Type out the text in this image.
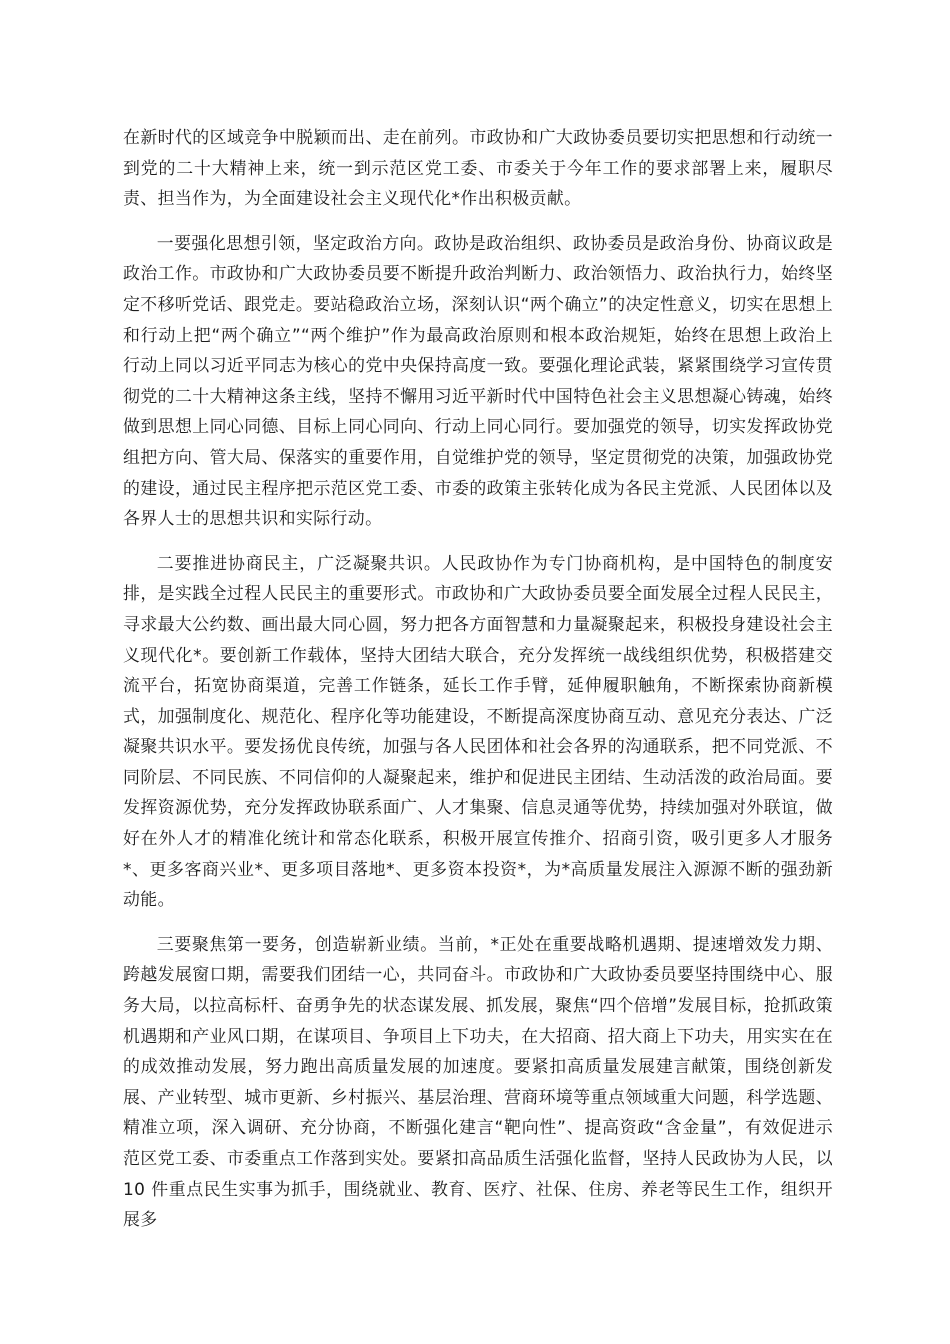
在新时代的区域竞争中脱颖而出、走在前列。市政协和广大政协委员要切实把思想和行动统一到党的二十大精神上来，统一到示范区党工委、市委关于今年工作的要求部署上来，履职尽责、担当作为，为全面建设社会主义现代化*作出积极贡献。

一要强化思想引领，坚定政治方向。政协是政治组织、政协委员是政治身份、协商议政是政治工作。市政协和广大政协委员要不断提升政治判断力、政治领悟力、政治执行力，始终坚定不移听党话、跟党走。要站稳政治立场，深刻认识“两个确立”的决定性意义，切实在思想上和行动上把“两个确立”“两个维护”作为最高政治原则和根本政治规矩，始终在思想上政治上行动上同以习近平同志为核心的党中央保持高度一致。要强化理论武装，紧紧围绕学习宣传贯彻党的二十大精神这条主线，坚持不懈用习近平新时代中国特色社会主义思想凝心铸魂，始终做到思想上同心同德、目标上同心同向、行动上同心同行。要加强党的领导，切实发挥政协党组把方向、管大局、保落实的重要作用，自觉维护党的领导，坚定贯彻党的决策，加强政协党的建设，通过民主程序把示范区党工委、市委的政策主张转化成为各民主党派、人民团体以及各界人士的思想共识和实际行动。

二要推进协商民主，广泛凝聚共识。人民政协作为专门协商机构，是中国特色的制度安排，是实践全过程人民民主的重要形式。市政协和广大政协委员要全面发展全过程人民民主，寻求最大公约数、画出最大同心圆，努力把各方面智慧和力量凝聚起来，积极投身建设社会主义现代化*。要创新工作载体，坚持大团结大联合，充分发挥统一战线组织优势，积极搭建交流平台，拓宽协商渠道，完善工作链条，延长工作手臂，延伸履职触角，不断探索协商新模式，加强制度化、规范化、程序化等功能建设，不断提高深度协商互动、意见充分表达、广泛凝聚共识水平。要发扬优良传统，加强与各人民团体和社会各界的沟通联系，把不同党派、不同阶层、不同民族、不同信仰的人凝聚起来，维护和促进民主团结、生动活泼的政治局面。要发挥资源优势，充分发挥政协联系面广、人才集聚、信息灵通等优势，持续加强对外联谊，做好在外人才的精准化统计和常态化联系，积极开展宣传推介、招商引资，吸引更多人才服务*、更多客商兴业*、更多项目落地*、更多资本投资*，为*高质量发展注入源源不断的强劲新动能。

三要聚焦第一要务，创造崭新业绩。当前，*正处在重要战略机遇期、提速增效发力期、跨越发展窗口期，需要我们团结一心，共同奋斗。市政协和广大政协委员要坚持围绕中心、服务大局，以拉高标杆、奋勇争先的状态谋发展、抓发展，聚焦“四个倍增”发展目标，抢抓政策机遇期和产业风口期，在谋项目、争项目上下功夫，在大招商、招大商上下功夫，用实实在在的成效推动发展，努力跑出高质量发展的加速度。要紧扣高质量发展建言献策，围绕创新发展、产业转型、城市更新、乡村振兴、基层治理、营商环境等重点领域重大问题，科学选题、精准立项，深入调研、充分协商，不断强化建言“靶向性”、提高资政“含金量”，有效促进示范区党工委、市委重点工作落到实处。要紧扣高品质生活强化监督，坚持人民政协为人民，以 10 件重点民生实事为抓手，围绕就业、教育、医疗、社保、住房、养老等民生工作，组织开展多
